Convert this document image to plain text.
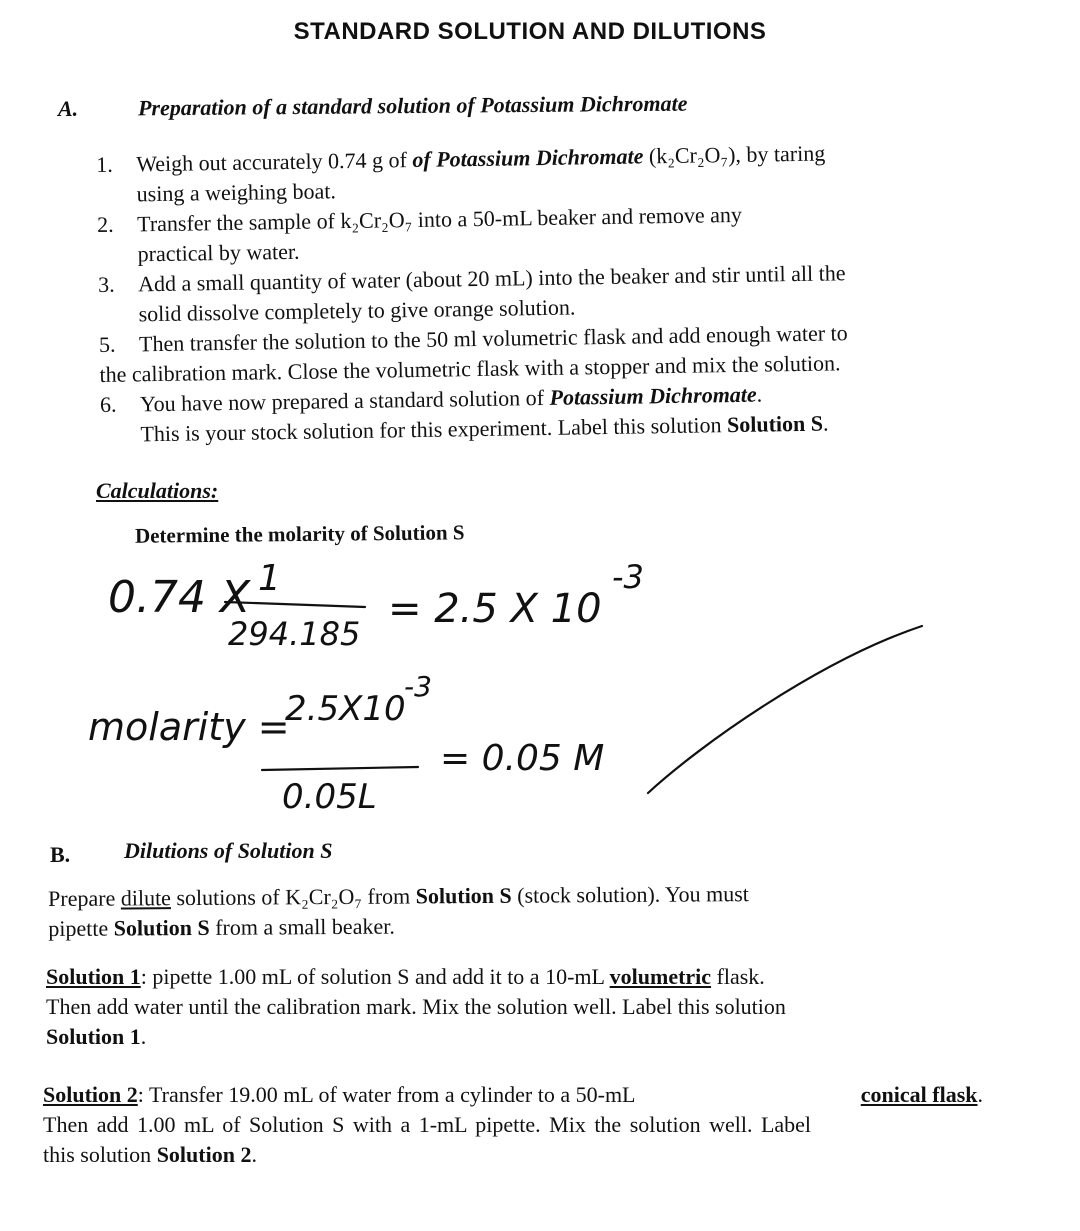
STANDARD SOLUTION AND DILUTIONS
A.	Preparation of a standard solution of Potassium Dichromate
1. Weigh out accurately 0.74 g of of Potassium Dichromate (k₂Cr₂O₇), by taring
using a weighing boat.
2. Transfer the sample of k₂Cr₂O₇ into a 50-mL beaker and remove any
practical by water.
3. Add a small quantity of water (about 20 mL) into the beaker and stir until all the
solid dissolve completely to give orange solution.
5. Then transfer the solution to the 50 ml volumetric flask and add enough water to
the calibration mark. Close the volumetric flask with a stopper and mix the solution.
6. You have now prepared a standard solution of Potassium Dichromate.
This is your stock solution for this experiment. Label this solution Solution S.
Calculations:
Determine the molarity of Solution S
0.74 X 1
294.185
= 2.5 X 10
-3
molarity =
2.5X10
-3
0.05L
= 0.05 M
B. Dilutions of Solution S
Prepare dilute solutions of K₂Cr₂O₇ from Solution S (stock solution). You must
pipette Solution S from a small beaker.
Solution 1: pipette 1.00 mL of solution S and add it to a 10-mL volumetric flask.
Then add water until the calibration mark. Mix the solution well. Label this solution
Solution 1.
Solution 2: Transfer 19.00 mL of water from a cylinder to a 50-mL	conical flask.
Then add 1.00 mL of Solution S with a 1-mL pipette. Mix the solution well. Label
this solution Solution 2.
